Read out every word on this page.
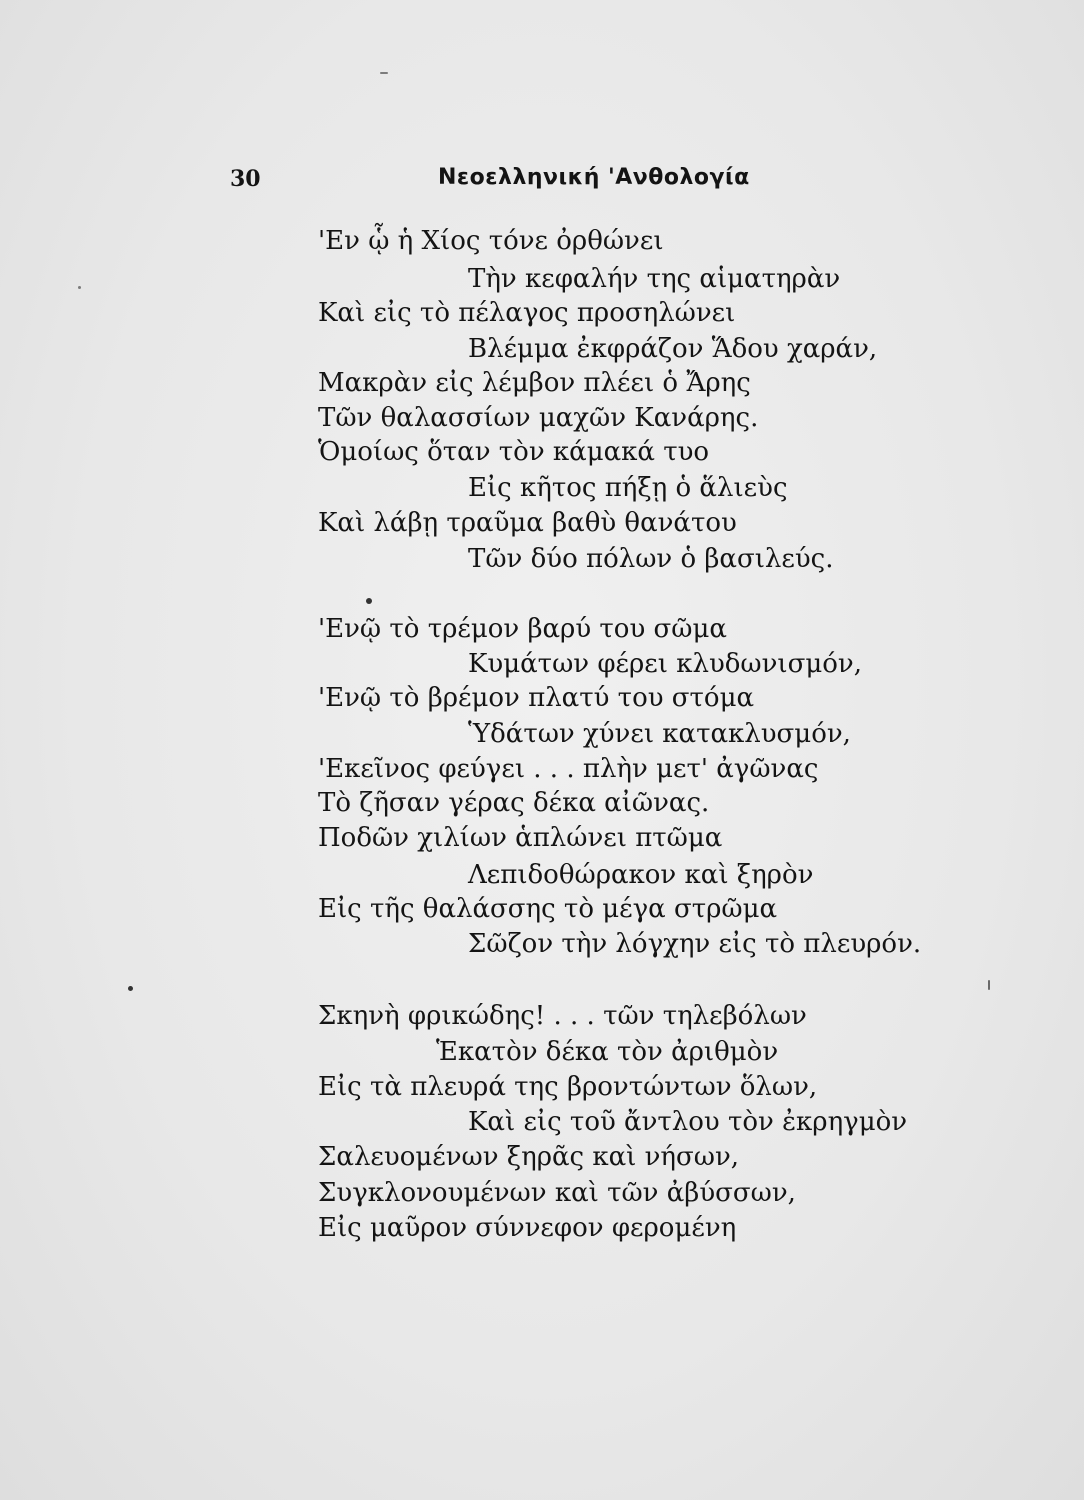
30	Νεοελληνική 'Ανθολογία
'Εν ᾧ ἡ Χίος τόνε ὀρθώνει
Τὴν κεφαλήν της αἱματηρὰν
Καὶ εἰς τὸ πέλαγος προσηλώνει
Βλέμμα ἐκφράζον Ἅδου χαράν,
Μακρὰν εἰς λέμβον πλέει ὁ Ἄρης
Τῶν θαλασσίων μαχῶν Κανάρης.
Ὁμοίως ὅταν τὸν κάμακά τυο
Εἰς κῆτος πήξῃ ὁ ἅλιεὺς
Καὶ λάβῃ τραῦμα βαθὺ θανάτου
Τῶν δύο πόλων ὁ βασιλεύς.
'Ενῷ τὸ τρέμον βαρύ του σῶμα
Κυμάτων φέρει κλυδωνισμόν,
'Ενῷ τὸ βρέμον πλατύ του στόμα
Ὑδάτων χύνει κατακλυσμόν,
'Εκεῖνος φεύγει . . . πλὴν μετ' ἀγῶνας
Τὸ ζῆσαν γέρας δέκα αἰῶνας.
Ποδῶν χιλίων ἁπλώνει πτῶμα
Λεπιδοθώρακον καὶ ξηρὸν
Εἰς τῆς θαλάσσης τὸ μέγα στρῶμα
Σῶζον τὴν λόγχην εἰς τὸ πλευρόν.
Σκηνὴ φρικώδης! . . . τῶν τηλεβόλων
Ἑκατὸν δέκα τὸν ἀριθμὸν
Εἰς τὰ πλευρά της βροντώντων ὅλων,
Καὶ εἰς τοῦ ἄντλου τὸν ἐκρηγμὸν
Σαλευομένων ξηρᾶς καὶ νήσων,
Συγκλονουμένων καὶ τῶν ἀβύσσων,
Εἰς μαῦρον σύννεφον φερομένη
